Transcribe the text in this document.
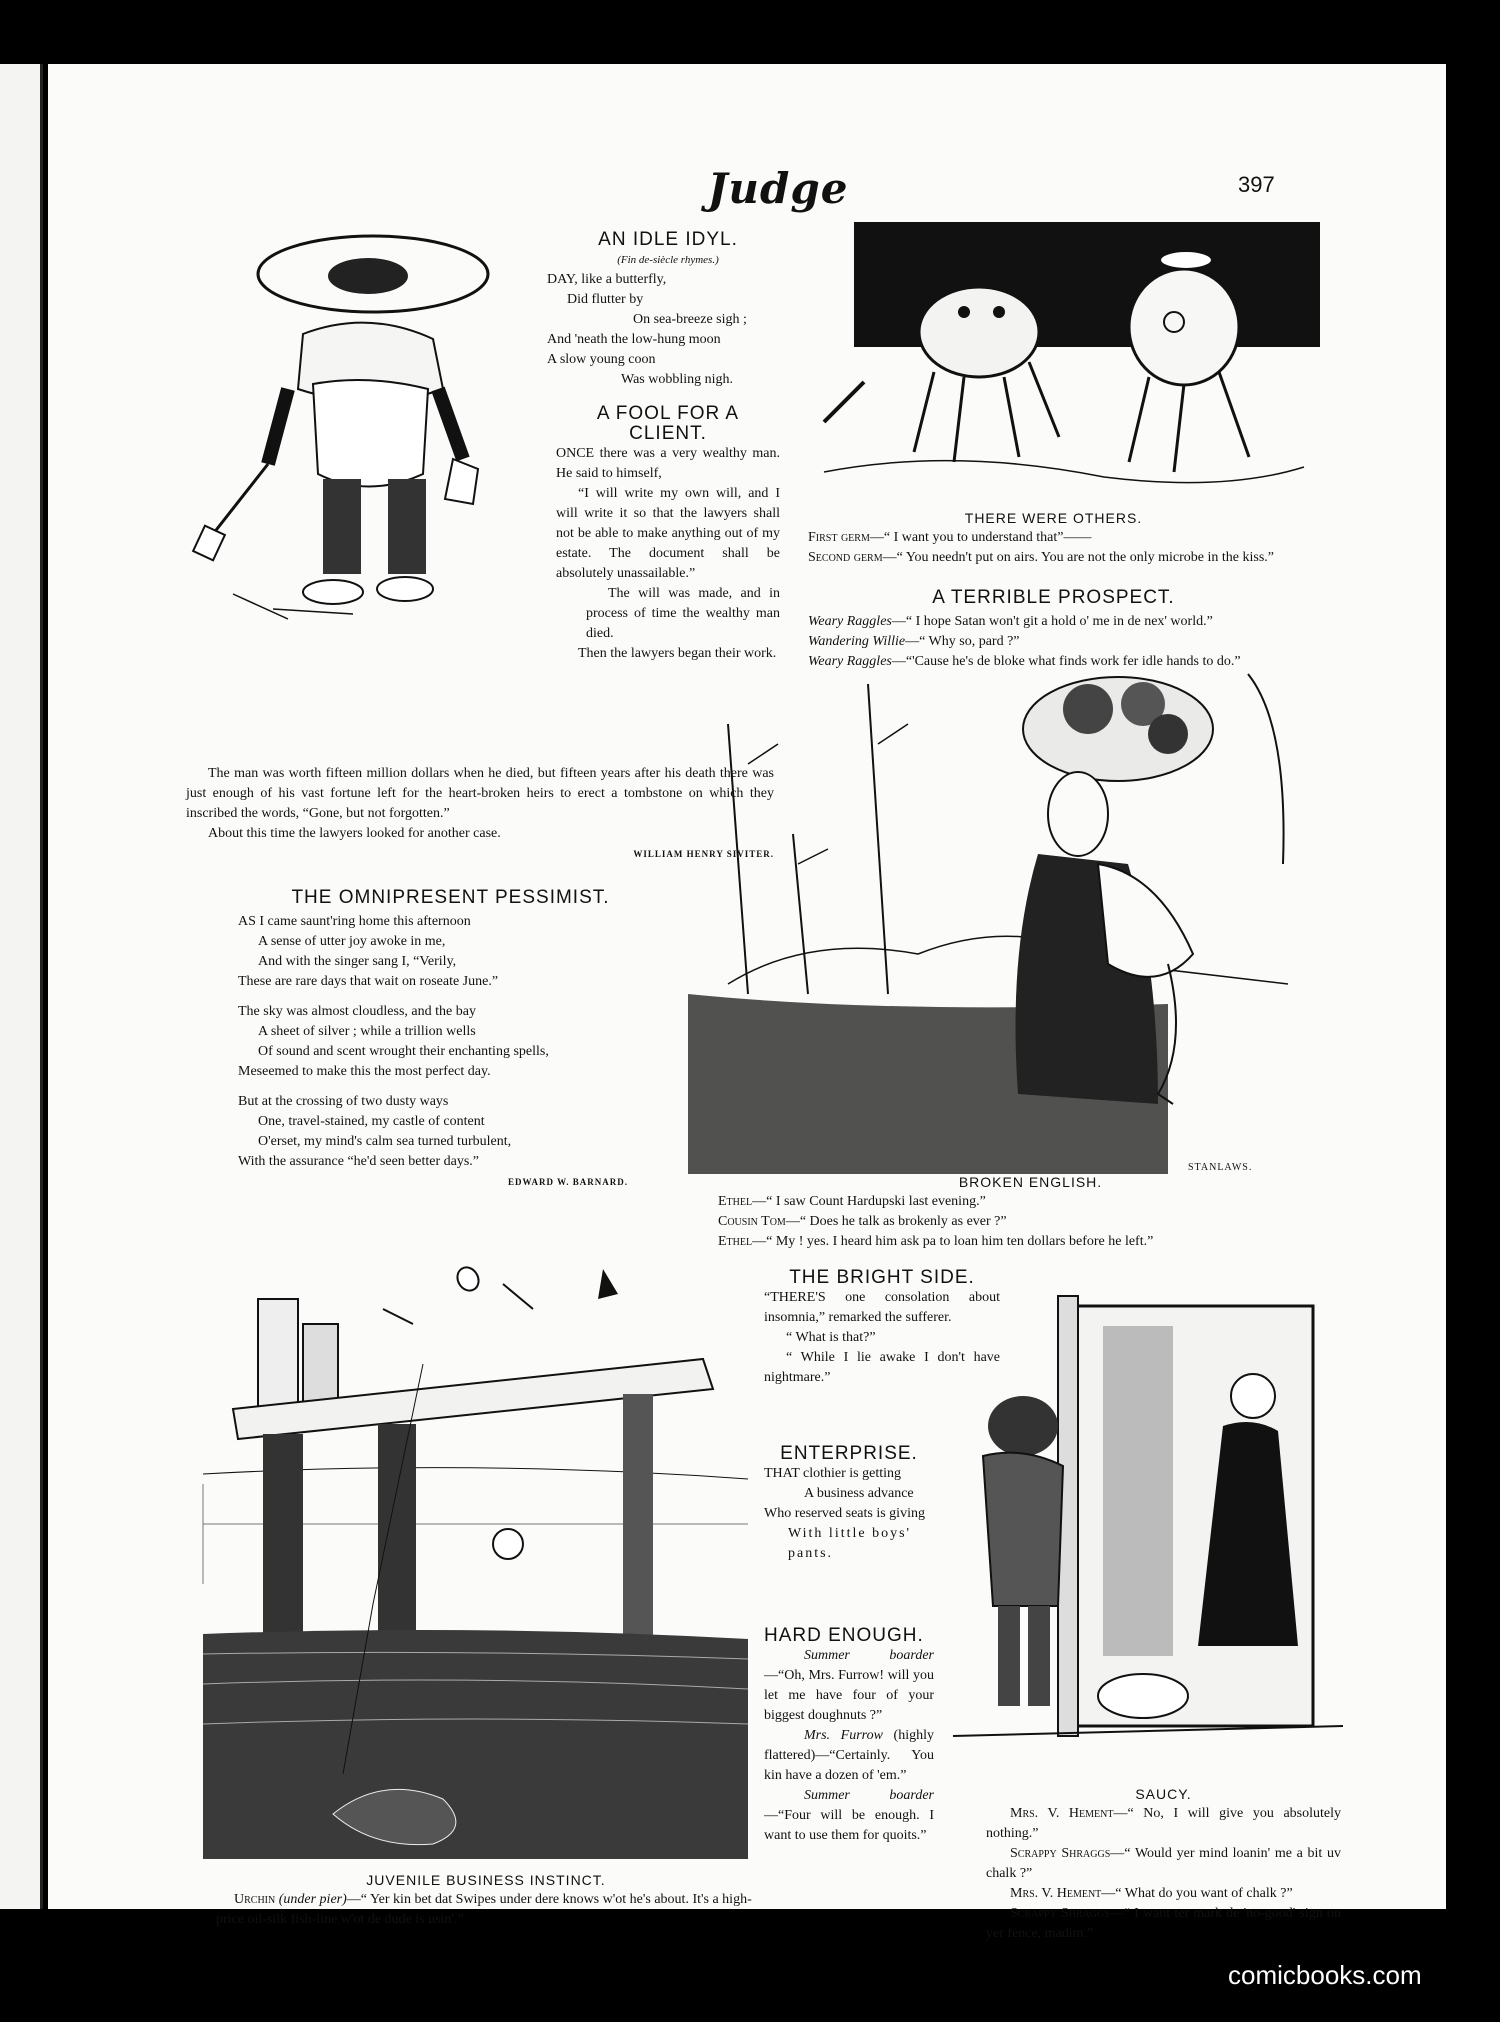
Judge	397
AN IDLE IDYL.
(Fin de-siècle rhymes.)
DAY, like a butterfly,
Did flutter by
On sea-breeze sigh ;
And 'neath the low-hung moon
A slow young coon
Was wobbling nigh.
A FOOL FOR A
CLIENT.

ONCE there was a very wealthy man. He said to himself,

“I will write my own will, and I will write it so that the lawyers shall not be able to make anything out of my estate. The document shall be absolutely unassailable.”

The will was made, and in process of time the wealthy man died.

Then the lawyers began their work.

The man was worth fifteen million dollars when he died, but fifteen years after his death there was just enough of his vast fortune left for the heart-broken heirs to erect a tombstone on which they inscribed the words, “Gone, but not forgotten.”

About this time the lawyers looked for another case.

WILLIAM HENRY SIVITER.
THE OMNIPRESENT PESSIMIST.
AS I came saunt'ring home this afternoon
A sense of utter joy awoke in me,
And with the singer sang I, “Verily,
These are rare days that wait on roseate June.”
The sky was almost cloudless, and the bay
A sheet of silver ; while a trillion wells
Of sound and scent wrought their enchanting spells,
Meseemed to make this the most perfect day.
But at the crossing of two dusty ways
One, travel-stained, my castle of content
O'erset, my mind's calm sea turned turbulent,
With the assurance “he'd seen better days.”
EDWARD W. BARNARD.
THERE WERE OTHERS.
First germ—“ I want you to understand that”——
Second germ—“ You needn't put on airs. You are not the only microbe in the kiss.”
A TERRIBLE PROSPECT.
Weary Raggles—“ I hope Satan won't git a hold o' me in de nex' world.”
Wandering Willie—“ Why so, pard ?”
Weary Raggles—“'Cause he's de bloke what finds work fer idle hands to do.”
STANLAWS.
BROKEN ENGLISH.
Ethel—“ I saw Count Hardupski last evening.”
Cousin Tom—“ Does he talk as brokenly as ever ?”
Ethel—“ My ! yes. I heard him ask pa to loan him ten dollars before he left.”
JUVENILE BUSINESS INSTINCT.
Urchin (under pier)—“ Yer kin bet dat Swipes under dere knows w'ot he's about. It's a high-price oil-silk fish-line w'ot de dude is usin'.”
THE BRIGHT SIDE.

“THERE'S one consolation about insomnia,” remarked the sufferer.

“ What is that?”

“ While I lie awake I don't have nightmare.”

ENTERPRISE.
THAT clothier is getting
A business advance
Who reserved seats is giving
With little boys' pants.
HARD ENOUGH.
Summer boarder—“Oh, Mrs. Furrow! will you let me have four of your biggest doughnuts ?”
Mrs. Furrow (highly flattered)—“Certainly. You kin have a dozen of 'em.”
Summer boarder—“Four will be enough. I want to use them for quoits.”
SAUCY.
Mrs. V. Hement—“ No, I will give you absolutely nothing.”
Scrappy Shraggs—“ Would yer mind loanin' me a bit uv chalk ?”
Mrs. V. Hement—“ What do you want of chalk ?”
Scrappy Shraggs—“ I want ter mark de 'no-good' sign on yer fence, madim.”
comicbooks.com
